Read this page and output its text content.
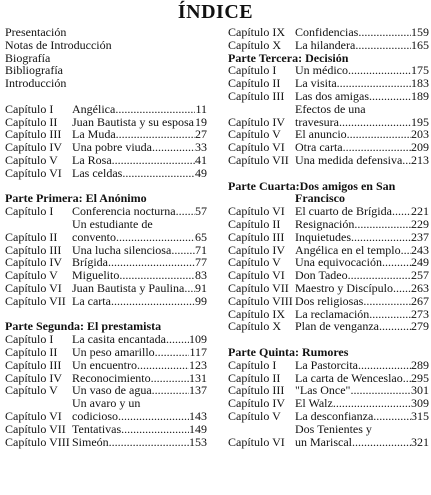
ÍNDICE
Presentación
Notas de Introducción
Biografía
Bibliografía
Introducción
Capítulo I	Angélica .....	11
Capítulo II	Juan Bautista y su esposa ..... 19
Capítulo III La Muda .....	27
Capítulo IV Una pobre viuda .....	33
Capítulo V	La Rosa .....	41
Capítulo VI Las celdas .....	49
Parte Primera: El Anónimo
Capítulo I	Conferencia nocturna ..... 57
Capítulo II
Un estudiante de
convento .....	65
Capítulo III Una lucha silenciosa ..... 71
Capítulo IV Brígida .....	77
Capítulo V	Miguelito .....	83
Capítulo VI Juan Bautista y Paulina ..... 91
Capítulo VII La carta .....	99
Parte Segunda: El prestamista
Capítulo I	La casita encantada ..... 109
Capítulo II	Un peso amarillo .....	117
Capítulo III Un encuentro .....	123
Capítulo IV Reconocimiento .....	131
Capítulo V	Un vaso de agua .....	137
Capítulo VI
Un avaro y un
codicioso .....	143
Capítulo VII Tentativas .....	149
Capítulo VIII Simeón .....	153
Capítulo IX Confidencias .....	159
Capítulo X	La hilandera .....	165
Parte Tercera: Decisión
Capítulo I	Un médico .....	175
Capítulo II	La visita .....	183
Capítulo III Las dos amigas .....	189
Capítulo IV
Efectos de una
travesura .....	195
Capítulo V	El anuncio .....	203
Capítulo VI Otra carta .....	209
Capítulo VII Una medida defensiva ..... 213
Parte Cuarta:Dos amigos en San
Francisco
Capítulo VI El cuarto de Brígida ..... 221
Capítulo II	Resignación .....	229
Capítulo III Inquietudes .....	237
Capítulo IV Angélica en el templo ..... 243
Capítulo V	Una equivocación ..... 249
Capítulo VI Don Tadeo .....	257
Capítulo VII Maestro y Discípulo ..... 263
Capítulo VIII Dos religiosas .....	267
Capítulo IX La reclamación .....	273
Capítulo X	Plan de venganza .....	279
Parte Quinta: Rumores
Capítulo I	La Pastorcita .....	289
Capítulo II	La carta de Wenceslao ..... 295
Capítulo III "Las Once" .....	301
Capítulo IV El Walz .....	309
Capítulo V	La desconfianza .....	315
Capítulo VI
Dos Tenientes y
un Mariscal .....	321
